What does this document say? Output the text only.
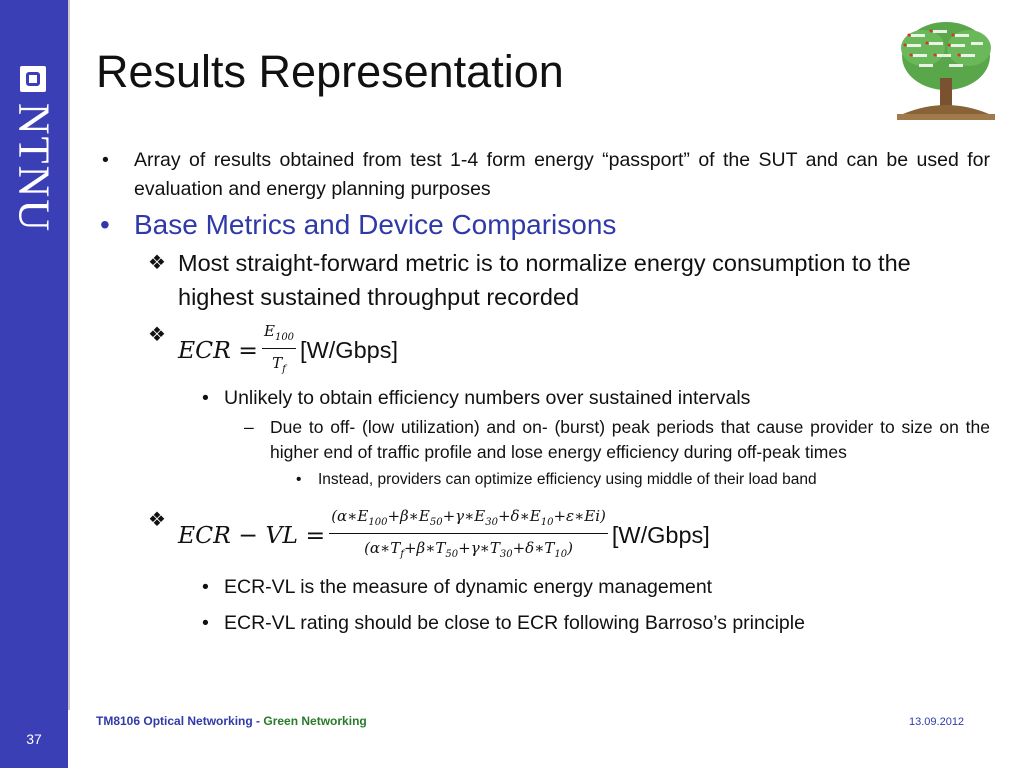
NTNU
Results Representation
• Array of results obtained from test 1-4 form energy “passport” of the SUT and can be used for evaluation and energy planning purposes
• Base Metrics and Device Comparisons
❖ Most straight-forward metric is to normalize energy consumption to the highest sustained throughput recorded
❖
𝐸𝐶𝑅 = $\frac{E_{100}}{T_f}$ [W/Gbps]
• Unlikely to obtain efficiency numbers over sustained intervals
– Due to off- (low utilization) and on- (burst) peak periods that cause provider to size on the higher end of traffic profile and lose energy efficiency during off-peak times
• Instead, providers can optimize efficiency using middle of their load band
❖
𝐸𝐶𝑅 − 𝑉𝐿 = $\frac{(\alpha∗E_{100}+\beta∗E_{50}+\gamma∗E_{30}+\delta∗E_{10}+\varepsilon∗Ei)}{(\alpha∗T_f+\beta∗T_{50}+\gamma∗T_{30}+\delta∗T_{10})}$ [W/Gbps]
• ECR-VL is the measure of dynamic energy management
• ECR-VL rating should be close to ECR following Barroso’s principle
37
TM8106 Optical Networking - Green Networking	13.09.2012
